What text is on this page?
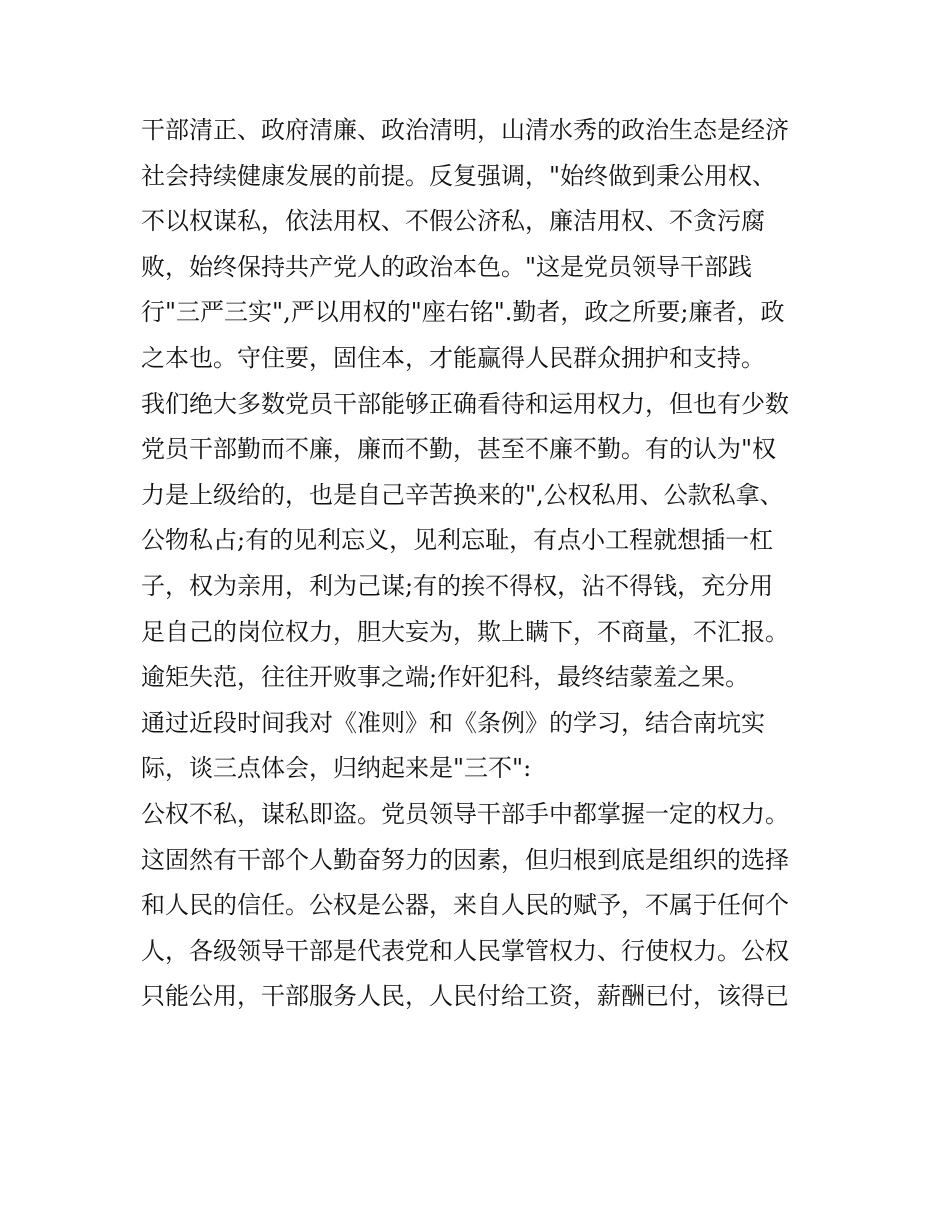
干部清正、政府清廉、政治清明，山清水秀的政治生态是经济
社会持续健康发展的前提。反复强调，"始终做到秉公用权、
不以权谋私，依法用权、不假公济私，廉洁用权、不贪污腐
败，始终保持共产党人的政治本色。"这是党员领导干部践
行"三严三实",严以用权的"座右铭".勤者，政之所要;廉者，政
之本也。守住要，固住本，才能赢得人民群众拥护和支持。
我们绝大多数党员干部能够正确看待和运用权力，但也有少数
党员干部勤而不廉，廉而不勤，甚至不廉不勤。有的认为"权
力是上级给的，也是自己辛苦换来的",公权私用、公款私拿、
公物私占;有的见利忘义，见利忘耻，有点小工程就想插一杠
子，权为亲用，利为己谋;有的挨不得权，沾不得钱，充分用
足自己的岗位权力，胆大妄为，欺上瞒下，不商量，不汇报。
逾矩失范，往往开败事之端;作奸犯科，最终结蒙羞之果。
通过近段时间我对《准则》和《条例》的学习，结合南坑实
际，谈三点体会，归纳起来是"三不":
公权不私，谋私即盗。党员领导干部手中都掌握一定的权力。
这固然有干部个人勤奋努力的因素，但归根到底是组织的选择
和人民的信任。公权是公器，来自人民的赋予，不属于任何个
人，各级领导干部是代表党和人民掌管权力、行使权力。公权
只能公用，干部服务人民，人民付给工资，薪酬已付，该得已
